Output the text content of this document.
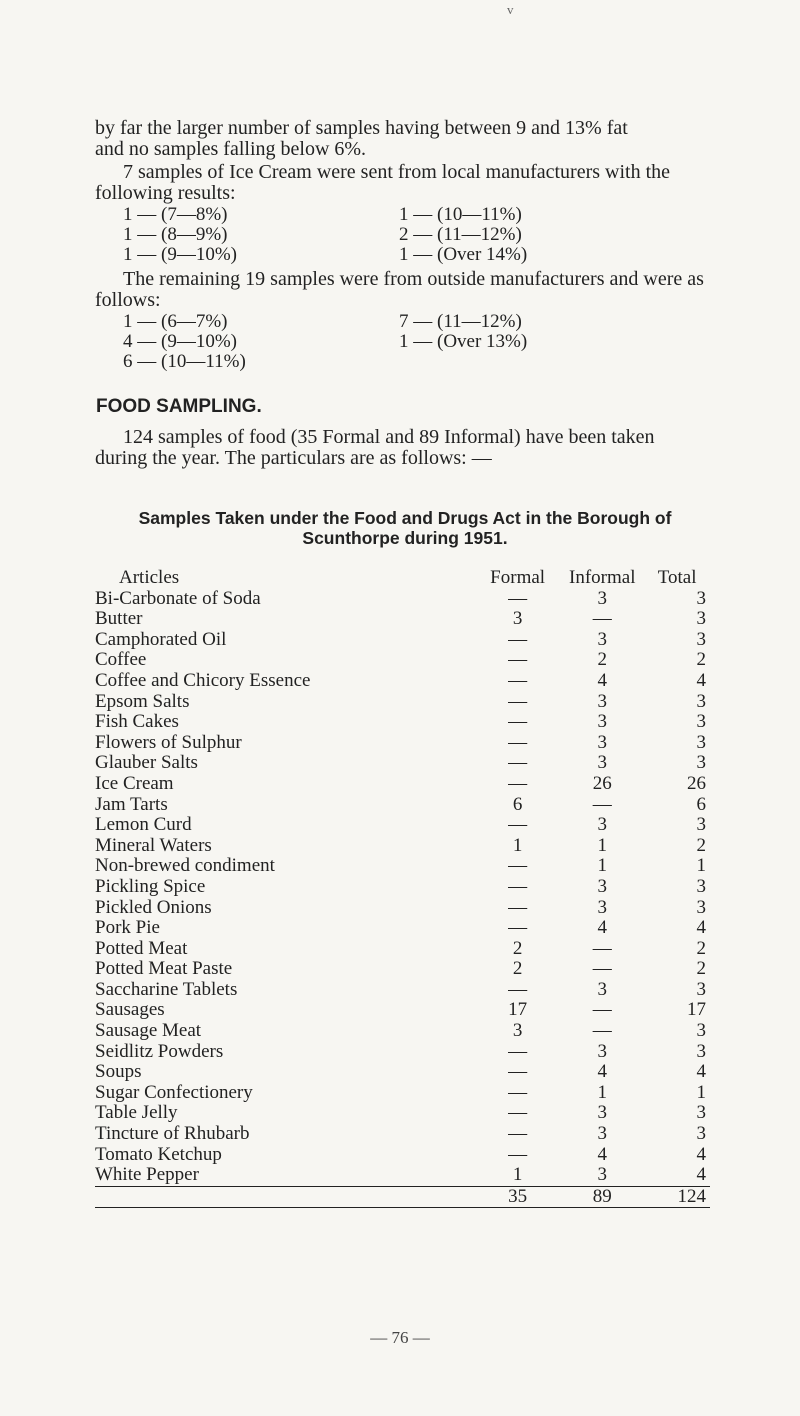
v
by far the larger number of samples having between 9 and 13% fat
and no samples falling below 6%.
7 samples of Ice Cream were sent from local manufacturers with the following results:
1 — (7—8%)
1 — (8—9%)
1 — (9—10%)
1 — (10—11%)
2 — (11—12%)
1 — (Over 14%)
The remaining 19 samples were from outside manufacturers and were as follows:
1 — (6—7%)
4 — (9—10%)
6 — (10—11%)
7 — (11—12%)
1 — (Over 13%)
FOOD SAMPLING.
124 samples of food (35 Formal and 89 Informal) have been taken during the year. The particulars are as follows: —
Samples Taken under the Food and Drugs Act in the Borough of
Scunthorpe during 1951.
Articles	Formal	Informal	Total
Bi-Carbonate of Soda	—	3	3
Butter	3	—	3
Camphorated Oil	—	3	3
Coffee	—	2	2
Coffee and Chicory Essence	—	4	4
Epsom Salts	—	3	3
Fish Cakes	—	3	3
Flowers of Sulphur	—	3	3
Glauber Salts	—	3	3
Ice Cream	—	26	26
Jam Tarts	6	—	6
Lemon Curd	—	3	3
Mineral Waters	1	1	2
Non-brewed condiment	—	1	1
Pickling Spice	—	3	3
Pickled Onions	—	3	3
Pork Pie	—	4	4
Potted Meat	2	—	2
Potted Meat Paste	2	—	2
Saccharine Tablets	—	3	3
Sausages	17	—	17
Sausage Meat	3	—	3
Seidlitz Powders	—	3	3
Soups	—	4	4
Sugar Confectionery	—	1	1
Table Jelly	—	3	3
Tincture of Rhubarb	—	3	3
Tomato Ketchup	—	4	4
White Pepper	1	3	4
	35	89	124
— 76 —
